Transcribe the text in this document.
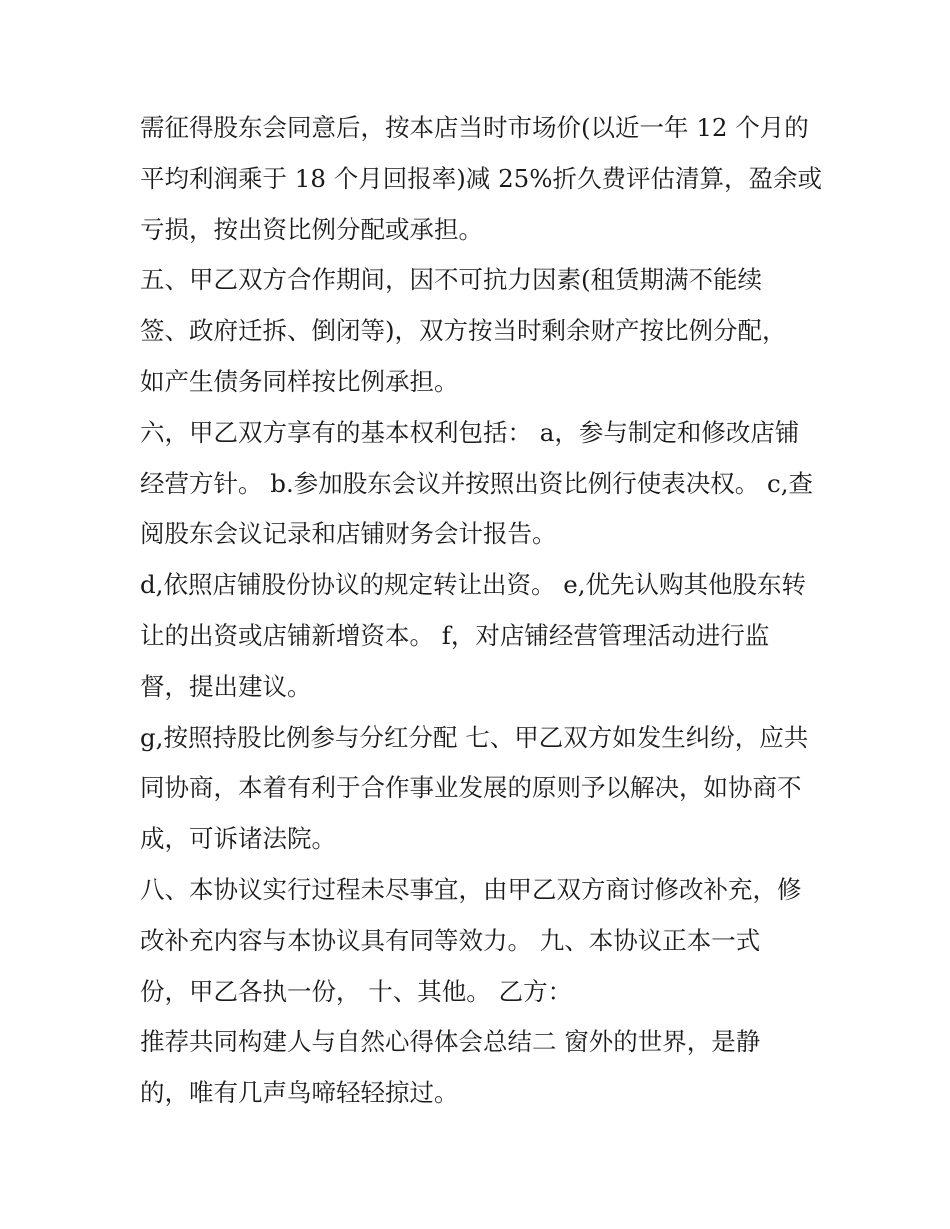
需征得股东会同意后，按本店当时市场价(以近一年 12 个月的
平均利润乘于 18 个月回报率)减 25%折久费评估清算，盈余或
亏损，按出资比例分配或承担。
五、甲乙双方合作期间，因不可抗力因素(租赁期满不能续
签、政府迁拆、倒闭等)，双方按当时剩余财产按比例分配，
如产生债务同样按比例承担。
六，甲乙双方享有的基本权利包括： a，参与制定和修改店铺
经营方针。 b.参加股东会议并按照出资比例行使表决权。 c,查
阅股东会议记录和店铺财务会计报告。
d,依照店铺股份协议的规定转让出资。 e,优先认购其他股东转
让的出资或店铺新增资本。 f，对店铺经营管理活动进行监
督，提出建议。
g,按照持股比例参与分红分配 七、甲乙双方如发生纠纷，应共
同协商，本着有利于合作事业发展的原则予以解决，如协商不
成，可诉诸法院。
八、本协议实行过程未尽事宜，由甲乙双方商讨修改补充，修
改补充内容与本协议具有同等效力。 九、本协议正本一式
份，甲乙各执一份， 十、其他。 乙方：
推荐共同构建人与自然心得体会总结二 窗外的世界，是静
的，唯有几声鸟啼轻轻掠过。
